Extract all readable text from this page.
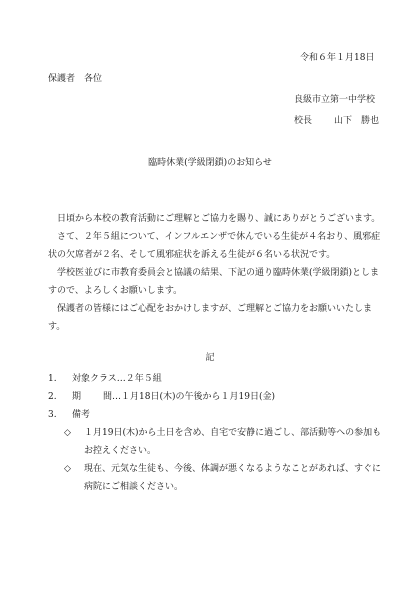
令和６年１月18日
保護者　各位
良級市立第一中学校
校長 山下　勝也
臨時休業(学級閉鎖)のお知らせ

日頃から本校の教育活動にご理解とご協力を賜り、誠にありがとうございます。

さて、２年５組について、インフルエンザで休んでいる生徒が４名おり、風邪症状の欠席者が２名、そして風邪症状を訴える生徒が６名いる状況です。

学校医並びに市教育委員会と協議の結果、下記の通り臨時休業(学級閉鎖)としますので、よろしくお願いします。

保護者の皆様にはご心配をおかけしますが、ご理解とご協力をお願いいたします。

記
1.	対象クラス…２年５組
2.	期 間…１月18日(木)の午後から１月19日(金)
3.	備考
◇	１月19日(木)から土日を含め、自宅で安静に過ごし、部活動等への参加もお控えください。
◇	現在、元気な生徒も、今後、体調が悪くなるようなことがあれば、すぐに病院にご相談ください。
